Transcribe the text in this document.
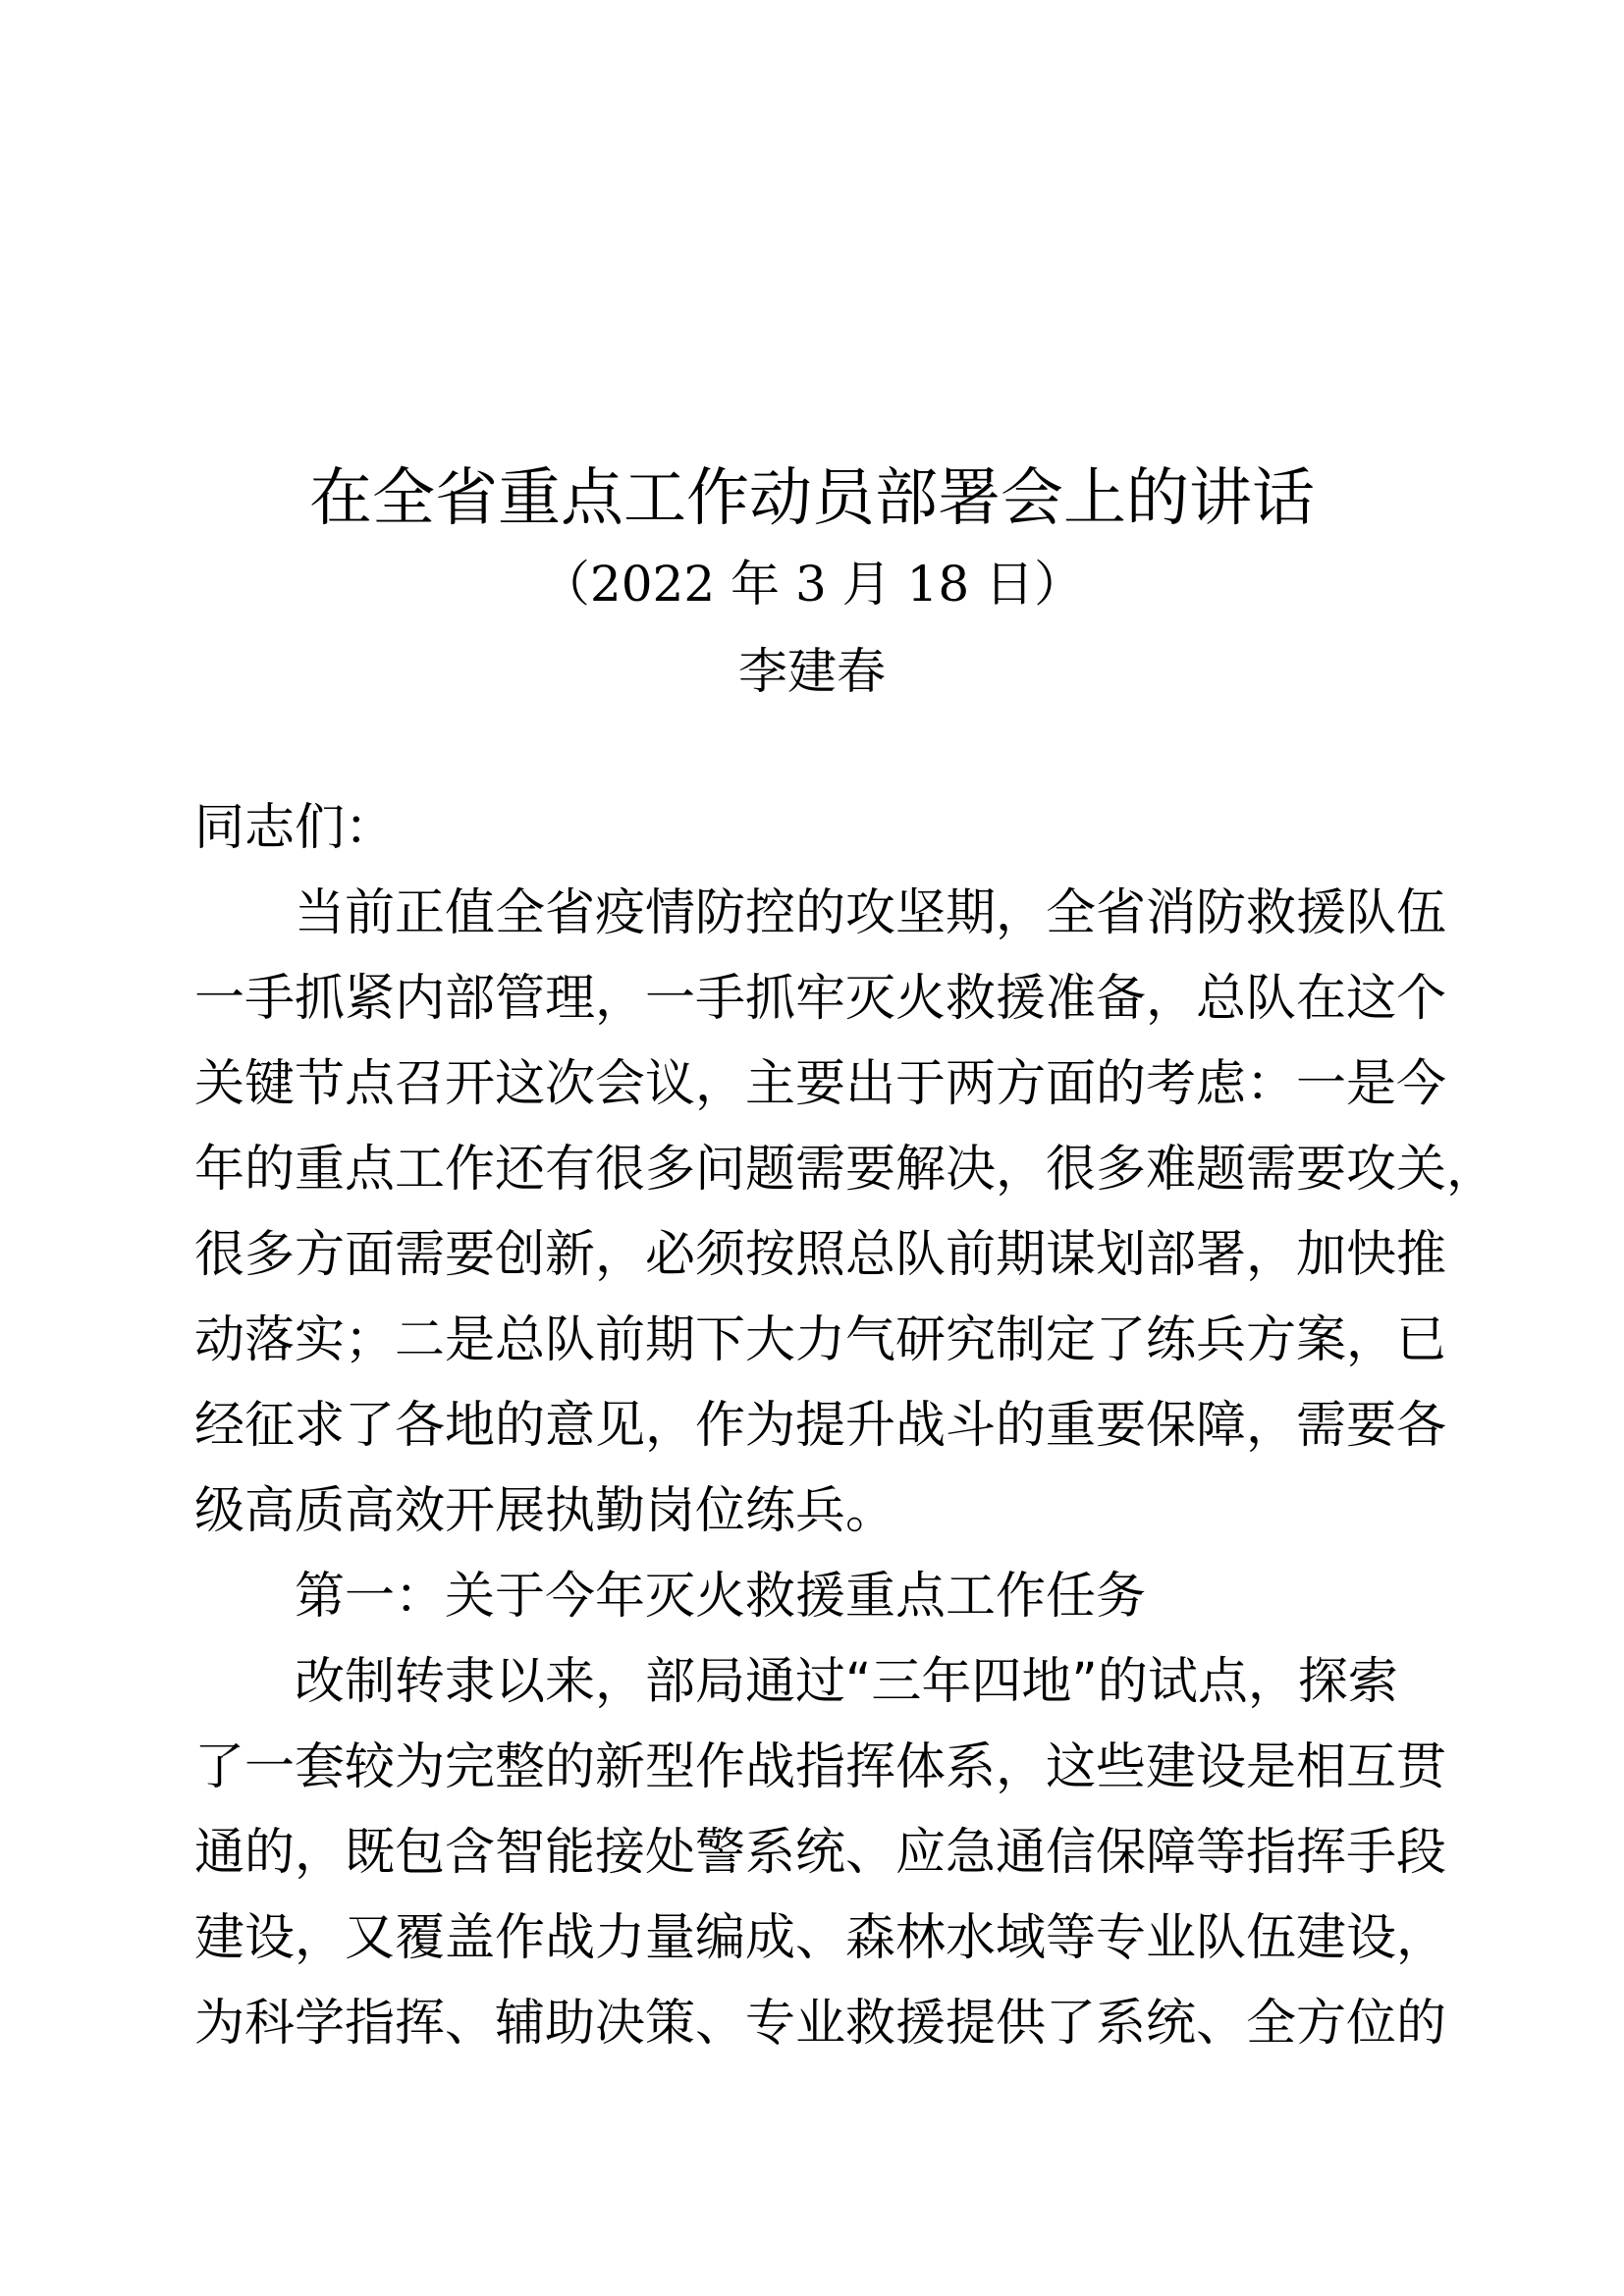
在全省重点工作动员部署会上的讲话
（2022 年 3 月 18 日）
李建春
同志们：
当前正值全省疫情防控的攻坚期，全省消防救援队伍
一手抓紧内部管理，一手抓牢灭火救援准备，总队在这个
关键节点召开这次会议，主要出于两方面的考虑：一是今
年的重点工作还有很多问题需要解决，很多难题需要攻关，
很多方面需要创新，必须按照总队前期谋划部署，加快推
动落实；二是总队前期下大力气研究制定了练兵方案，已
经征求了各地的意见，作为提升战斗的重要保障，需要各
级高质高效开展执勤岗位练兵。
第一：关于今年灭火救援重点工作任务
改制转隶以来，部局通过“三年四地”的试点，探索
了一套较为完整的新型作战指挥体系，这些建设是相互贯
通的，既包含智能接处警系统、应急通信保障等指挥手段
建设，又覆盖作战力量编成、森林水域等专业队伍建设，
为科学指挥、辅助决策、专业救援提供了系统、全方位的
